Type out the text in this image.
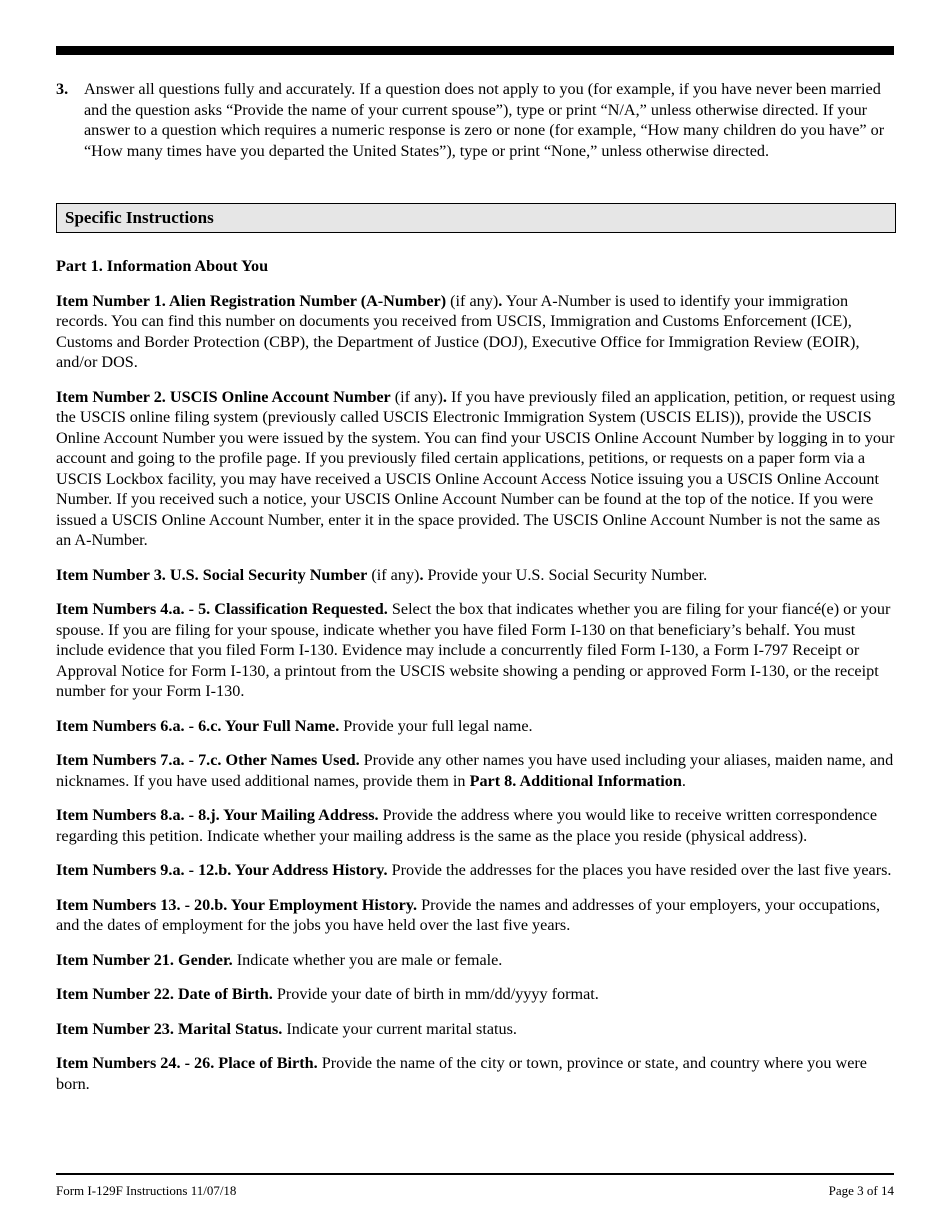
3. Answer all questions fully and accurately. If a question does not apply to you (for example, if you have never been married and the question asks “Provide the name of your current spouse”), type or print “N/A,” unless otherwise directed. If your answer to a question which requires a numeric response is zero or none (for example, “How many children do you have” or “How many times have you departed the United States”), type or print “None,” unless otherwise directed.
Specific Instructions
Part 1. Information About You
Item Number 1. Alien Registration Number (A-Number) (if any). Your A-Number is used to identify your immigration records. You can find this number on documents you received from USCIS, Immigration and Customs Enforcement (ICE), Customs and Border Protection (CBP), the Department of Justice (DOJ), Executive Office for Immigration Review (EOIR), and/or DOS.
Item Number 2. USCIS Online Account Number (if any). If you have previously filed an application, petition, or request using the USCIS online filing system (previously called USCIS Electronic Immigration System (USCIS ELIS)), provide the USCIS Online Account Number you were issued by the system. You can find your USCIS Online Account Number by logging in to your account and going to the profile page. If you previously filed certain applications, petitions, or requests on a paper form via a USCIS Lockbox facility, you may have received a USCIS Online Account Access Notice issuing you a USCIS Online Account Number. If you received such a notice, your USCIS Online Account Number can be found at the top of the notice. If you were issued a USCIS Online Account Number, enter it in the space provided. The USCIS Online Account Number is not the same as an A-Number.
Item Number 3. U.S. Social Security Number (if any). Provide your U.S. Social Security Number.
Item Numbers 4.a. - 5. Classification Requested. Select the box that indicates whether you are filing for your fiancé(e) or your spouse. If you are filing for your spouse, indicate whether you have filed Form I-130 on that beneficiary’s behalf. You must include evidence that you filed Form I-130. Evidence may include a concurrently filed Form I-130, a Form I-797 Receipt or Approval Notice for Form I-130, a printout from the USCIS website showing a pending or approved Form I-130, or the receipt number for your Form I-130.
Item Numbers 6.a. - 6.c. Your Full Name. Provide your full legal name.
Item Numbers 7.a. - 7.c. Other Names Used. Provide any other names you have used including your aliases, maiden name, and nicknames. If you have used additional names, provide them in Part 8. Additional Information.
Item Numbers 8.a. - 8.j. Your Mailing Address. Provide the address where you would like to receive written correspondence regarding this petition. Indicate whether your mailing address is the same as the place you reside (physical address).
Item Numbers 9.a. - 12.b. Your Address History. Provide the addresses for the places you have resided over the last five years.
Item Numbers 13. - 20.b. Your Employment History. Provide the names and addresses of your employers, your occupations, and the dates of employment for the jobs you have held over the last five years.
Item Number 21. Gender. Indicate whether you are male or female.
Item Number 22. Date of Birth. Provide your date of birth in mm/dd/yyyy format.
Item Number 23. Marital Status. Indicate your current marital status.
Item Numbers 24. - 26. Place of Birth. Provide the name of the city or town, province or state, and country where you were born.
Form I-129F Instructions 11/07/18	Page 3 of 14
